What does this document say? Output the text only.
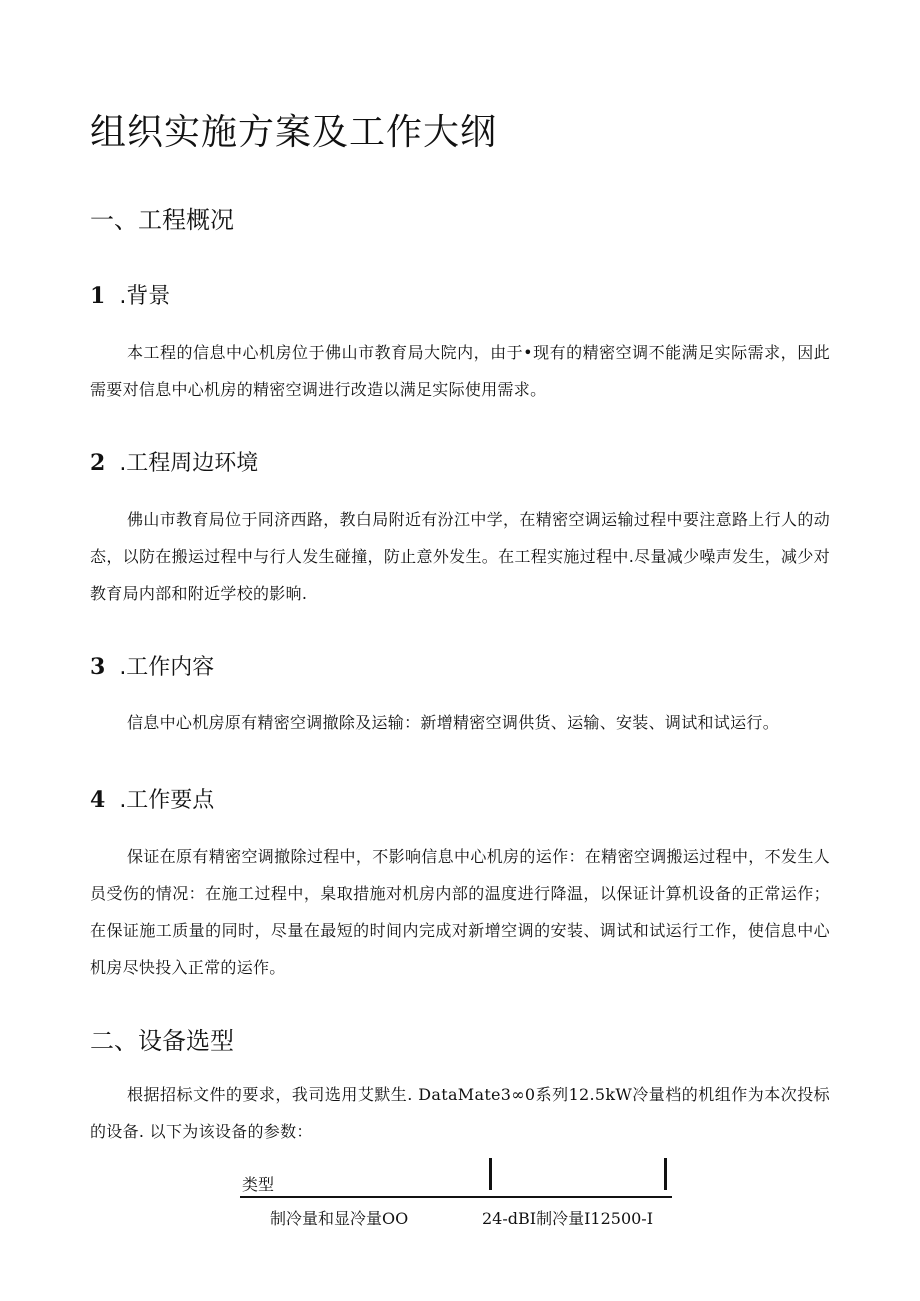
组织实施方案及工作大纲
一、工程概况
1 .背景

本工程的信息中心机房位于佛山市教育局大院内，由于•现有的精密空调不能满足实际需求，因此需要对信息中心机房的精密空调进行改造以满足实际使用需求。

2 .工程周边环境

佛山市教育局位于同济西路，教白局附近有汾江中学，在精密空调运输过程中要注意路上行人的动态，以防在搬运过程中与行人发生碰撞，防止意外发生。在工程实施过程中.尽量减少噪声发生，减少对教育局内部和附近学校的影晌.

3 .工作内容

信息中心机房原有精密空调撤除及运输：新增精密空调供货、运输、安装、调试和试运行。

4 .工作要点

保证在原有精密空调撤除过程中，不影响信息中心机房的运作：在精密空调搬运过程中，不发生人员受伤的情况：在施工过程中，臬取措施对机房内部的温度进行降温，以保证计算机设备的正常运作；在保证施工质量的同时，尽量在最短的时间内完成对新增空调的安装、调试和试运行工作，使信息中心机房尽快投入正常的运作。

二、设备选型

根据招标文件的要求，我司选用艾默生. DataMate3∞0系列12.5kW冷量档的机组作为本次投标的设备. 以下为该设备的参数：

类型
制冷量和显冷量OO	24-dBI制冷量I12500-I
